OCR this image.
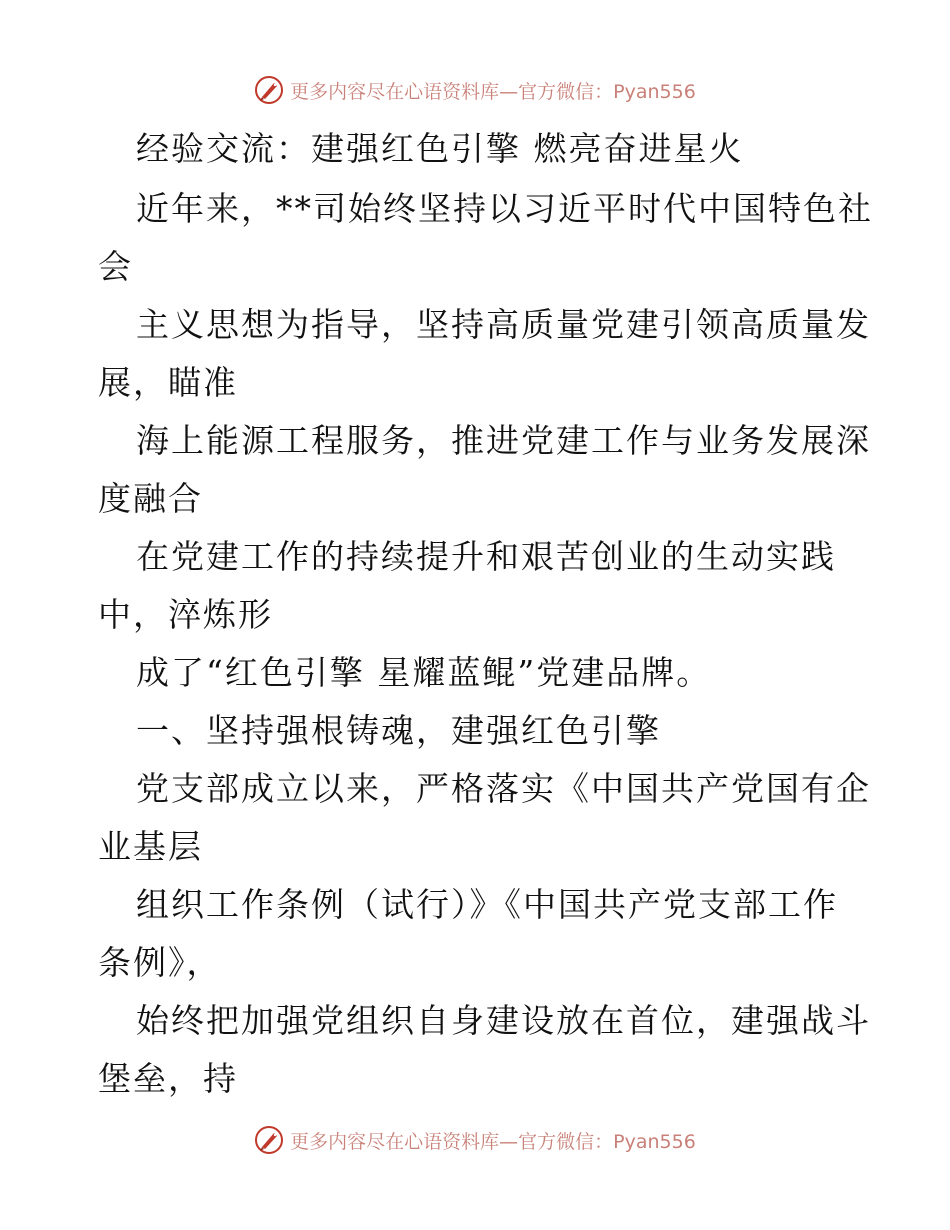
更多内容尽在心语资料库—官方微信：Pyan556

经验交流：建强红色引擎 燃亮奋进星火

近年来，**司始终坚持以习近平时代中国特色社

会

主义思想为指导，坚持高质量党建引领高质量发

展，瞄准

海上能源工程服务，推进党建工作与业务发展深

度融合

在党建工作的持续提升和艰苦创业的生动实践

中，淬炼形

成了“红色引擎 星耀蓝鲲”党建品牌。

一、坚持强根铸魂，建强红色引擎

党支部成立以来，严格落实《中国共产党国有企

业基层

组织工作条例（试行）》《中国共产党支部工作

条例》，

始终把加强党组织自身建设放在首位，建强战斗

堡垒，持

更多内容尽在心语资料库—官方微信：Pyan556
